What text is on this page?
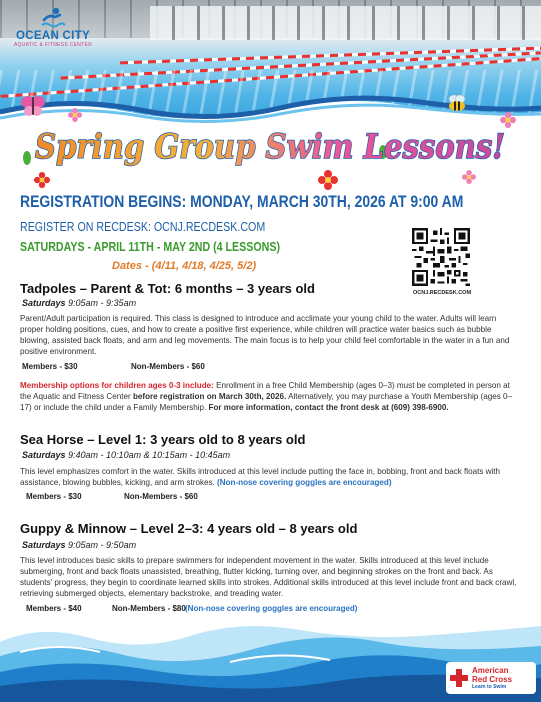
OCEAN CITY
AQUATIC & FITNESS CENTER
Spring Group Swim Lessons!
REGISTRATION BEGINS: MONDAY, MARCH 30TH, 2026 AT 9:00 AM
REGISTER ON RECDESK: OCNJ.RECDESK.COM
SATURDAYS - APRIL 11TH - MAY 2ND (4 LESSONS)
Dates - (4/11, 4/18, 4/25, 5/2)
OCNJ.RECDESK.COM
Tadpoles – Parent & Tot: 6 months – 3 years old
Saturdays 9:05am - 9:35am
Parent/Adult participation is required. This class is designed to introduce and acclimate your young child to the water. Adults will learn proper holding positions, cues, and how to create a positive first experience, while children will practice water basics such as bubble blowing, assisted back floats, and arm and leg movements. The main focus is to help your child feel comfortable in the water in a fun and positive environment.
Members - $30	Non-Members - $60
Membership options for children ages 0-3 include: Enrollment in a free Child Membership (ages 0–3) must be completed in person at the Aquatic and Fitness Center before registration on March 30th, 2026. Alternatively, you may purchase a Youth Membership (ages 0–17) or include the child under a Family Membership. For more information, contact the front desk at (609) 398-6900.
Sea Horse – Level 1: 3 years old to 8 years old
Saturdays 9:40am - 10:10am & 10:15am - 10:45am
This level emphasizes comfort in the water. Skills introduced at this level include putting the face in, bobbing, front and back floats with assistance, blowing bubbles, kicking, and arm strokes. (Non-nose covering goggles are encouraged)
Members - $30	Non-Members - $60
Guppy & Minnow – Level 2–3: 4 years old – 8 years old
Saturdays 9:05am - 9:50am
This level introduces basic skills to prepare swimmers for independent movement in the water. Skills introduced at this level include submerging, front and back floats unassisted, breathing, flutter kicking, turning over, and beginning strokes on the front and back. As students' progress, they begin to coordinate learned skills into strokes. Additional skills introduced at this level include front and back crawl, retrieving submerged objects, elementary backstroke, and treading water.
Members - $40	Non-Members - $80 (Non-nose covering goggles are encouraged)
American
Red Cross
Learn to Swim
